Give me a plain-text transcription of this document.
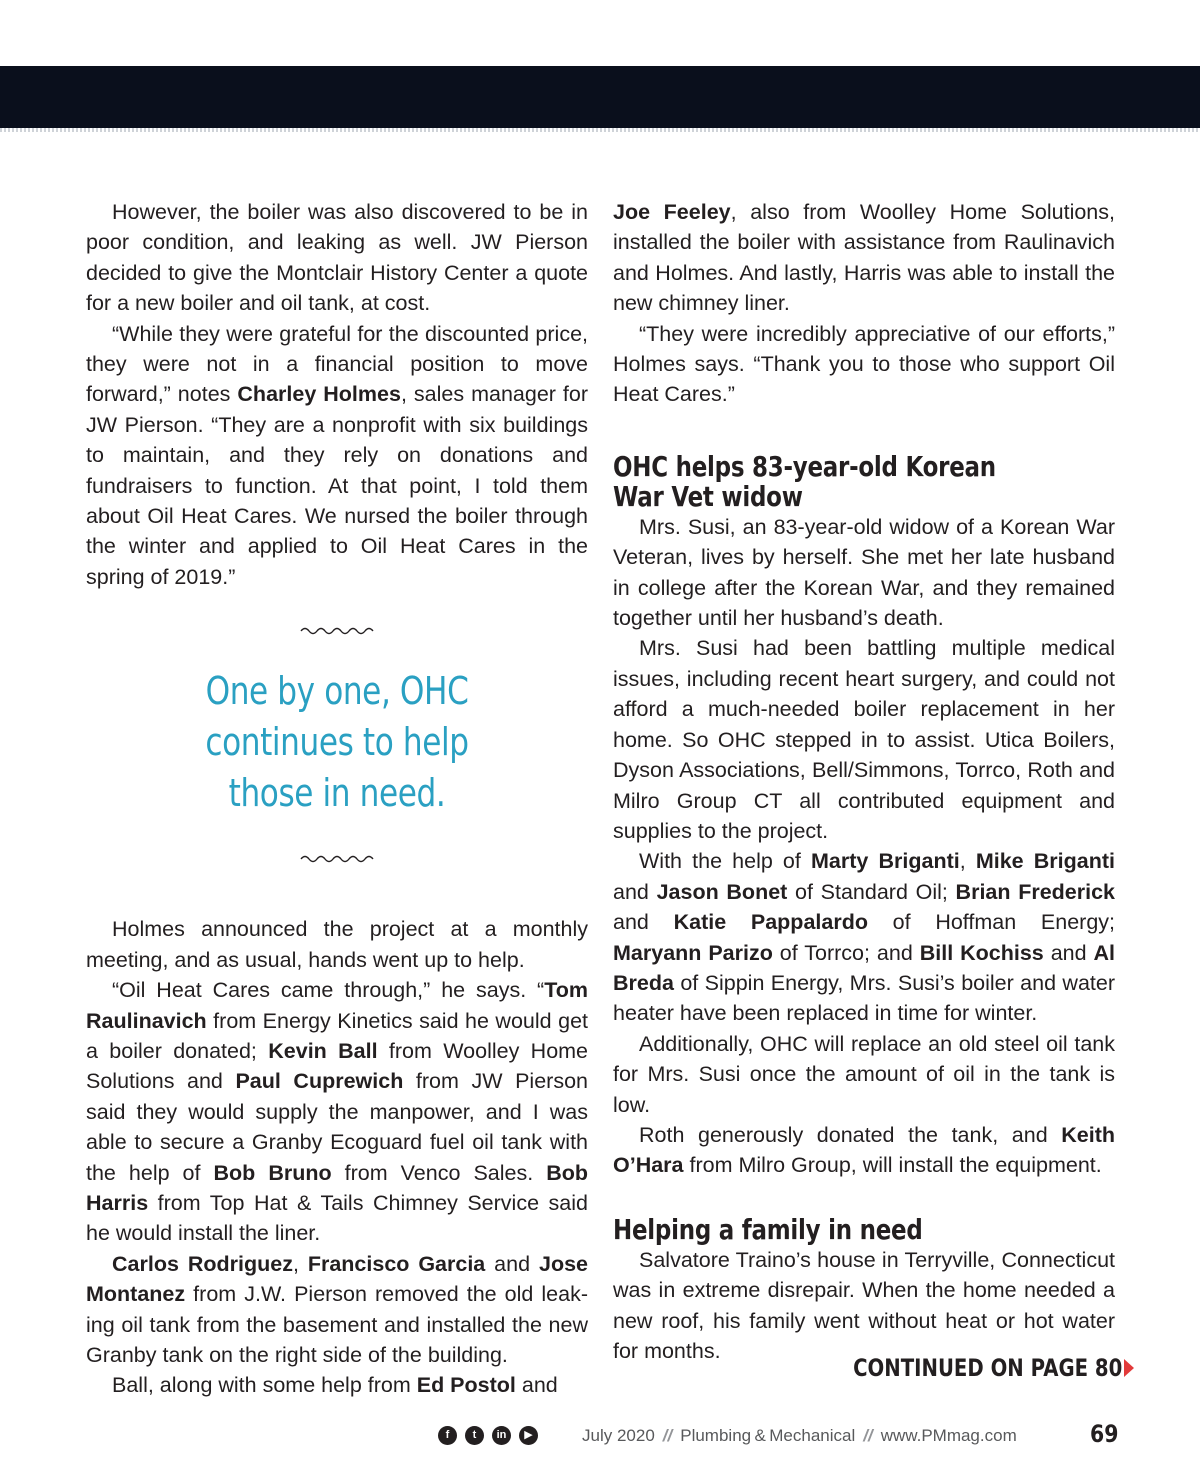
However, the boiler was also discovered to be in poor condition, and leaking as well. JW Pierson decided to give the Montclair History Center a quote for a new boiler and oil tank, at cost.

“While they were grateful for the discounted price, they were not in a financial position to move forward,” notes Charley Holmes, sales manager for JW Pierson. “They are a nonprofit with six buildings to maintain, and they rely on donations and fundraisers to function. At that point, I told them about Oil Heat Cares. We nursed the boiler through the winter and applied to Oil Heat Cares in the spring of 2019.”

One by one, OHC
continues to help
those in need.

Holmes announced the project at a monthly meeting, and as usual, hands went up to help.

“Oil Heat Cares came through,” he says. “Tom Raulinavich from Energy Kinetics said he would get a boiler donated; Kevin Ball from Woolley Home Solutions and Paul Cuprewich from JW Pierson said they would supply the manpower, and I was able to secure a Granby Ecoguard fuel oil tank with the help of Bob Bruno from Venco Sales. Bob Harris from Top Hat & Tails Chimney Service said he would install the liner.

Carlos Rodriguez, Francisco Garcia and Jose Montanez from J.W. Pierson removed the old leaking oil tank from the basement and installed the new Granby tank on the right side of the building.

Ball, along with some help from Ed Postol and

Joe Feeley, also from Woolley Home Solutions, installed the boiler with assistance from Raulinavich and Holmes. And lastly, Harris was able to install the new chimney liner.

“They were incredibly appreciative of our efforts,” Holmes says. “Thank you to those who support Oil Heat Cares.”

OHC helps 83-year-old Korean
War Vet widow

Mrs. Susi, an 83-year-old widow of a Korean War Veteran, lives by herself. She met her late husband in college after the Korean War, and they remained together until her husband’s death.

Mrs. Susi had been battling multiple medical issues, including recent heart surgery, and could not afford a much-needed boiler replacement in her home. So OHC stepped in to assist. Utica Boilers, Dyson Associations, Bell/Simmons, Torrco, Roth and Milro Group CT all contributed equipment and supplies to the project.

With the help of Marty Briganti, Mike Briganti and Jason Bonet of Standard Oil; Brian Frederick and Katie Pappalardo of Hoffman Energy; Maryann Parizo of Torrco; and Bill Kochiss and Al Breda of Sippin Energy, Mrs. Susi’s boiler and water heater have been replaced in time for winter.

Additionally, OHC will replace an old steel oil tank for Mrs. Susi once the amount of oil in the tank is low.

Roth generously donated the tank, and Keith O’Hara from Milro Group, will install the equipment.

Helping a family in need

Salvatore Traino’s house in Terryville, Connecticut was in extreme disrepair. When the home needed a new roof, his family went without heat or hot water for months.

CONTINUED ON PAGE 80
f	t	in	▶	July 2020 // Plumbing & Mechanical // www.PMmag.com	69
